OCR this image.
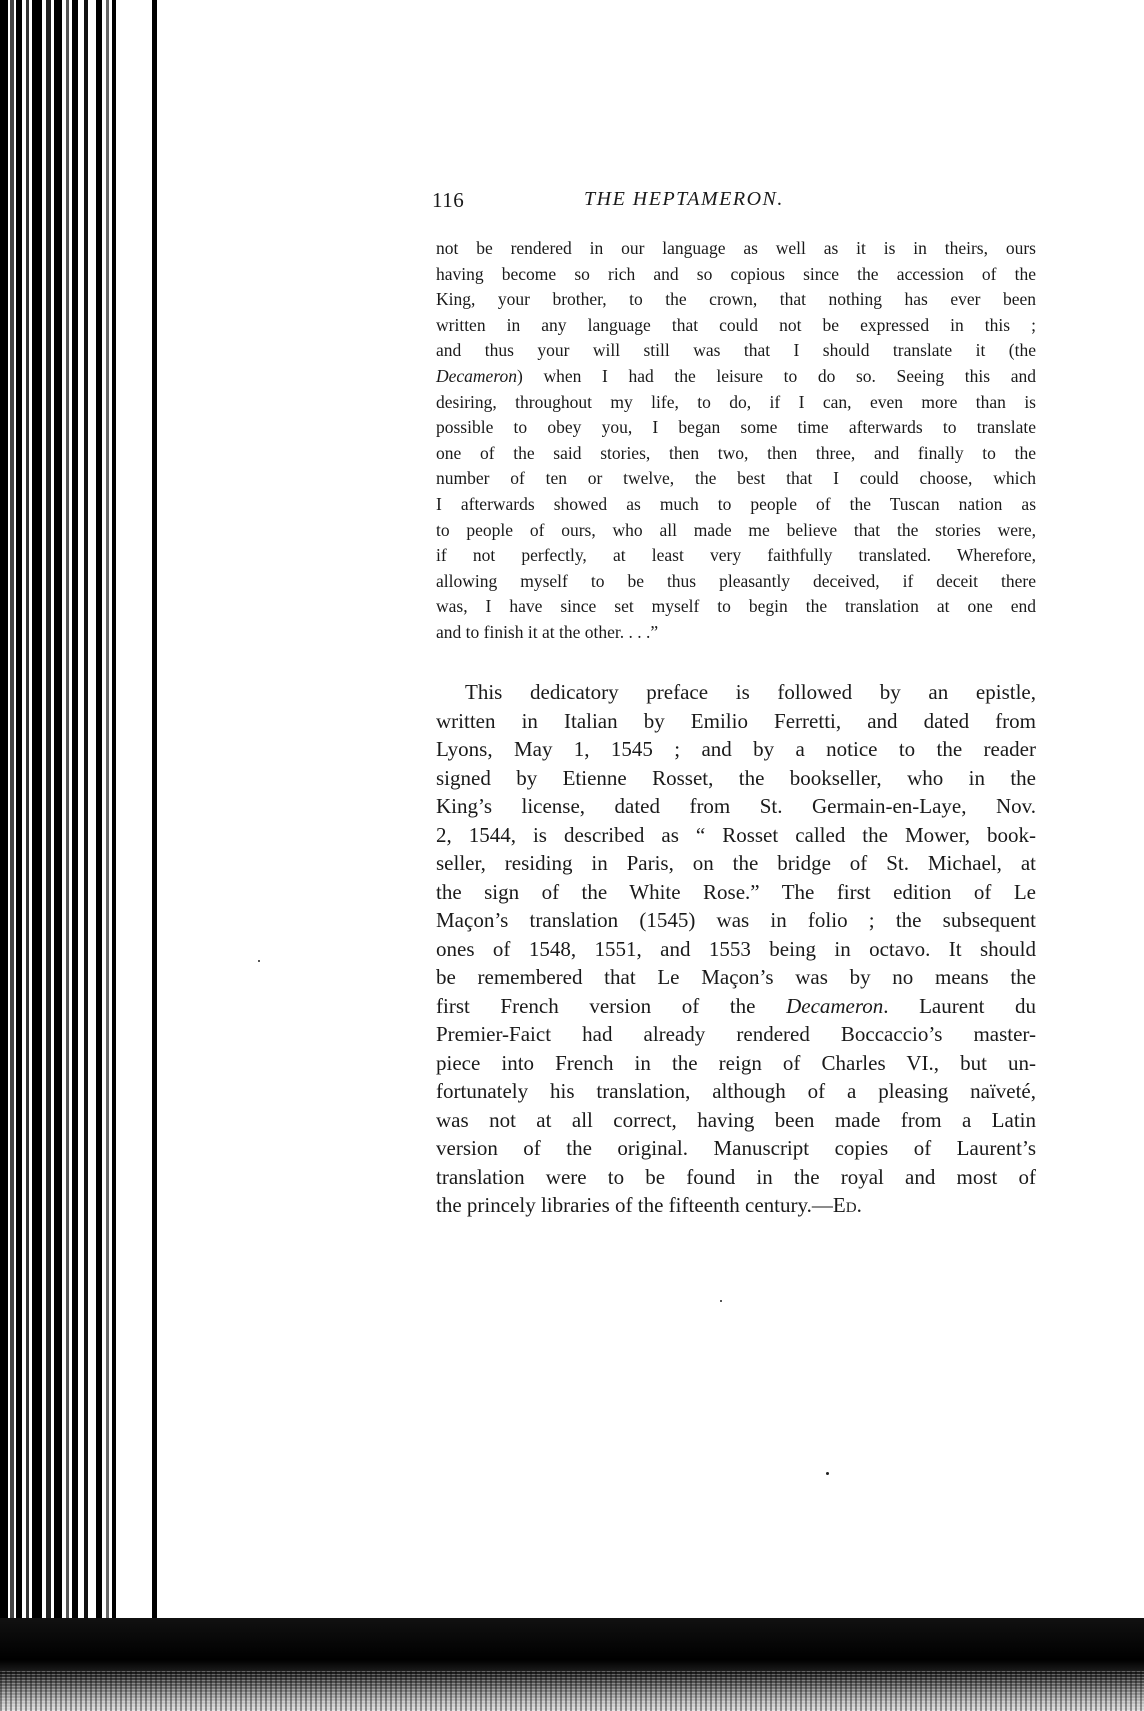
116	THE HEPTAMERON.
not be rendered in our language as well as it is in theirs, ours
having become so rich and so copious since the accession of the
King, your brother, to the crown, that nothing has ever been
written in any language that could not be expressed in this ;
and thus your will still was that I should translate it (the
Decameron) when I had the leisure to do so. Seeing this and
desiring, throughout my life, to do, if I can, even more than is
possible to obey you, I began some time afterwards to translate
one of the said stories, then two, then three, and finally to the
number of ten or twelve, the best that I could choose, which
I afterwards showed as much to people of the Tuscan nation as
to people of ours, who all made me believe that the stories were,
if not perfectly, at least very faithfully translated. Wherefore,
allowing myself to be thus pleasantly deceived, if deceit there
was, I have since set myself to begin the translation at one end
and to finish it at the other. . . .”
This dedicatory preface is followed by an epistle,
written in Italian by Emilio Ferretti, and dated from
Lyons, May 1, 1545 ; and by a notice to the reader
signed by Etienne Rosset, the bookseller, who in the
King’s license, dated from St. Germain-en-Laye, Nov.
2, 1544, is described as “ Rosset called the Mower, book-
seller, residing in Paris, on the bridge of St. Michael, at
the sign of the White Rose.” The first edition of Le
Maçon’s translation (1545) was in folio ; the subsequent
ones of 1548, 1551, and 1553 being in octavo. It should
be remembered that Le Maçon’s was by no means the
first French version of the Decameron. Laurent du
Premier-Faict had already rendered Boccaccio’s master-
piece into French in the reign of Charles VI., but un-
fortunately his translation, although of a pleasing naïveté,
was not at all correct, having been made from a Latin
version of the original. Manuscript copies of Laurent’s
translation were to be found in the royal and most of
the princely libraries of the fifteenth century.—Ed.
